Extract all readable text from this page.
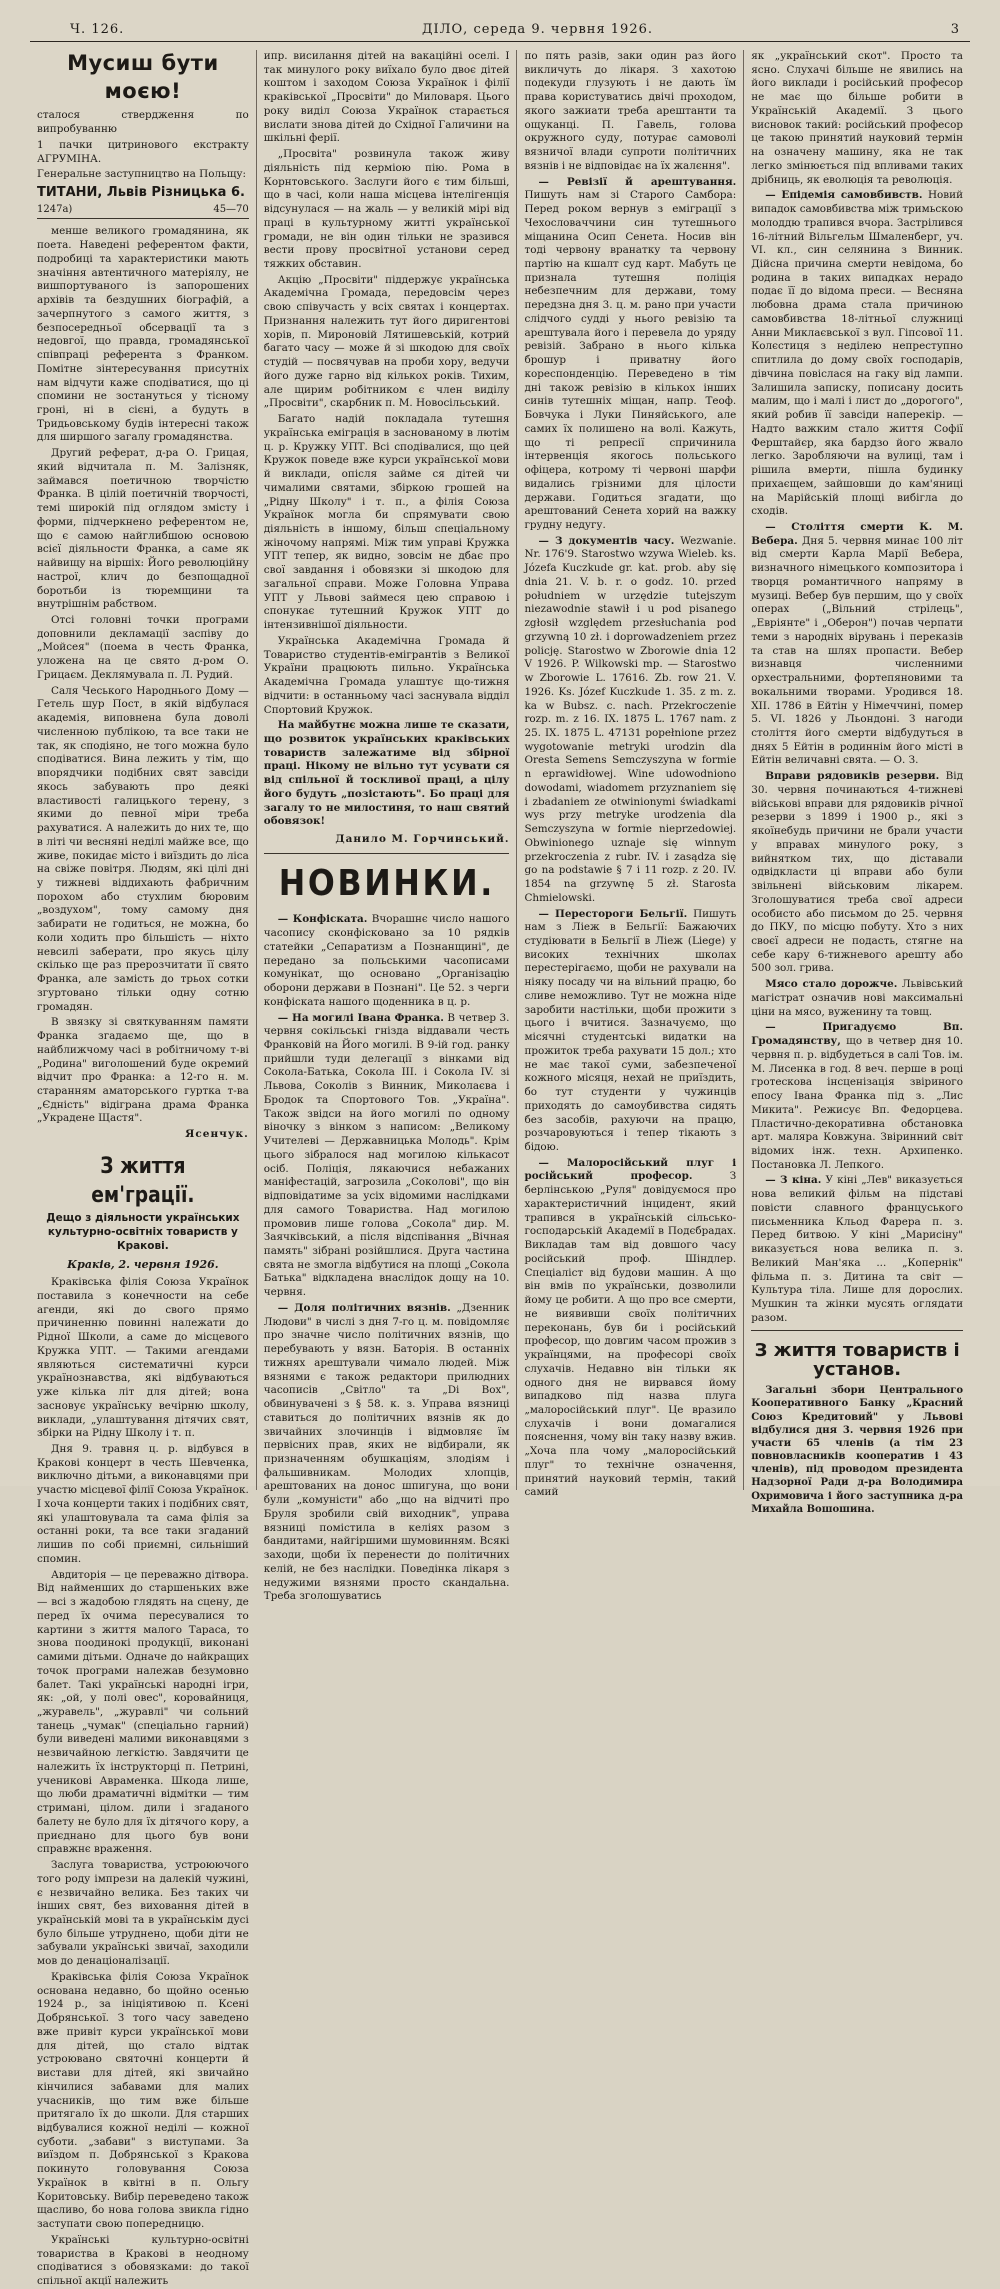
Ч. 126.	ДІЛО, середа 9. червня 1926.	3
Мусиш бути моєю!

сталося ствердження по випробуванню

1 пачки цитринового екстракту АГРУМІНА.

Генеральне заступництво на Польщу:

ТИТАНИ, Львів Різницька 6.
1247а)	45—70

менше великого громадянина, як поета. Наведені референтом факти, подробиці та характеристики мають значіння автентичного матеріялу, не вишпортуваного із запорошених архівів та бездушних біографій, а зачерпнутого з самого життя, з безпосередньої обсервації та з недовгої, що правда, громадянської співпраці референта з Франком. Помітне зінтересування присутніх нам відчути каже сподіватися, що ці спомини не зостануться у тісному гроні, ні в сієні, а будуть в Тридьовському будів інтересні також для ширшого загалу громадянства.

Другий реферат, д-ра О. Грицая, який відчитала п. М. Залізняк, займався поетичною творчістю Франка. В цілій поетичній творчості, темі широкій під оглядом змісту і форми, підчеркнено референтом не, що є самою найглибшою основою всієї діяльности Франка, а саме як найвищу на віршіх: Його революційну настрої, клич до безпощадної боротьби із тюремщини та внутрішнім рабством.

Отсі головні точки програми доповнили декламації заспіву до „Мойсея" (поема в честь Франка, уложена на це свято д-ром О. Грицаєм. Деклямувала п. Л. Рудий.

Саля Чеського Народнього Дому — Гетель шур Пост, в якій відбулася академія, виповнена була доволі численною публікою, та все таки не так, як сподіяно, не того можна було сподіватися. Вина лежить у тім, що впорядчики подібних свят завсіди якось забувають про деякі властивості галицького терену, з якими до певної міри треба рахуватися. А належить до них те, що в літі чи весняні неділі майже все, що живе, покидає місто і виїздить до ліса на свіже повітря. Людям, які цілі дні у тижневі віддихають фабричним порохом або стухлим бюровим „воздухом", тому самому дня забирати не годиться, не можна, бо коли ходить про більшість — ніхто невсилі заберати, про якусь цілу скілько ще раз прерозчитати її свято Франка, але замість до трьох сотки згуртовано тільки одну сотню громадян.

В звязку зі святкуванням памяти Франка згадаємо ще, що в найближчому часі в робітничому т-ві „Родина" виголошений буде окремий відчит про Франка: а 12-го н. м. старанням аматорського гуртка т-ва „Єдність" відіграна драма Франка „Украдене Щастя".

Ясенчук.
З життя ем'грації.
Дещо з діяльности українських культурно-освітніх товариств у Кракові.
Краків, 2. червня 1926.

Краківська філія Союза Українок поставила з конечности на себе агенди, які до свого прямо причиненню повинні належати до Рідної Школи, а саме до місцевого Кружка УПТ. — Такими агендами являються систематичні курси українознавства, які відбуваються уже кілька літ для дітей; вона засновує українську вечірню школу, виклади, „улаштування дітячих свят, збірки на Рідну Школу і т. п.

Дня 9. травня ц. р. відбувся в Кракові концерт в честь Шевченка, виключно дітьми, а виконавцями при участю місцевої філії Союза Українок. І хоча концерти таких і подібних свят, які улаштовувала та сама філія за останні роки, та все таки згаданий лишив по собі приємні, сильніший спомин.

Авдиторія — це переважно дітвора. Від найменших до старшеньких вже — всі з жадобою глядять на сцену, де перед їх очима пересувалися то картини з життя малого Тараса, то знова поодинокі продукції, виконані самими дітьми. Одначе до найкращих точок програми належав безумовно балет. Такі українські народні ігри, як: „ой, у полі овес", коровайниця, „журавель", „журавлі" чи сольний танець „чумак" (спеціально гарний) були виведені малими виконавцями з незвичайною легкістю. Завдячити це належить їх інструкторці п. Петрині, ученикові Авраменка. Шкода лише, що люби драматичні відмітки — тим стримані, цілом. дили і згаданого балету не було для їх дітячого кору, а приєднано для цього був вони справжнє враження.

Заслуга товариства, устроюючого того роду імпрези на далекій чужині, є незвичайно велика. Без таких чи інших свят, без виховання дітей в українській мові та в українськім дусі було більше утруднено, щоби діти не забували українські звичаї, заходили мов до денаціоналізації.

Краківська філія Союза Українок основана недавно, бо щойно осенью 1924 р., за ініціятивою п. Ксені Добрянської. З того часу заведено вже привіт курси української мови для дітей, що стало відтак устроювано святочні концерти й вистави для дітей, які звичайно кінчилися забавами для малих учасників, що тим вже більше притягало їх до школи. Для старших відбувалися кожної неділі — кожної суботи. „забави" з виступами. За виїздом п. Добрянської з Кракова покинуто головування Союза Українок в квітні в п. Ольгу Коритовську. Вибір переведено також щасливо, бо нова голова звикла гідно заступати свою попередницю.

Українські культурно-освітні товариства в Кракові в неодному сподіватися з обовязками: до такої спільної акції належить

ипр. висилання дітей на вакаційні оселі. І так минулого року виїхало було двоє дітей коштом і заходом Союза Українок і філії краківської „Просвіти" до Миловаря. Цього року виділ Союза Українок старається вислати знова дітей до Східної Галичини на шкільні ферії.

„Просвіта" розвинула також живу діяльність під керміою пію. Рома в Корнтовського. Заслуги його є тим більші, що в часі, коли наша місцева інтелігенція відсунулася — на жаль — у великій мірі від праці в культурному житті української громади, не він один тільки не зразився вести прову просвітної установи серед тяжких обставин.

Акцію „Просвіти" піддержує українська Академічна Громада, передовсім через свою співучасть у всіх святах і концертах. Признання належить тут його диригентові хорів, п. Мироновій Лятишевській, котрий багато часу — може й зі шкодою для своїх студій — посвячував на проби хору, ведучи його дуже гарно від кількох років. Тихим, але щирим робітником є член виділу „Просвіти", скарбник п. М. Новосільський.

Багато надій покладала тутешня українська еміграція в заснованому в лютім ц. р. Кружку УПТ. Всі сподівалися, що цей Кружок поведе вже курси української мови й виклади, опісля займе ся дітей чи чималими святами, збіркою грошей на „Рідну Школу" і т. п., а філія Союза Українок могла би спрямувати свою діяльність в іншому, більш спеціальному жіночому напрямі. Між тим управі Кружка УПТ тепер, як видно, зовсім не дбає про свої завдання і обовязки зі шкодою для загальної справи. Може Головна Управа УПТ у Львові займеся цею справою і спонукає тутешний Кружок УПТ до інтензивнішої діяльности.

Українська Академічна Громада й Товариство студентів-емігрантів з Великої України працюють пильно. Українська Академічна Громада улаштує що-тижня відчити: в останньому часі заснувала відділ Спортовий Кружок.

На майбутнє можна лише те сказати, що розвиток українських краківських товариств залежатиме від збірної праці. Нікому не вільно тут усувати ся від спільної й тоскливої праці, а цілу його будуть „позістають". Бо праці для загалу то не милостиня, то наш святий обовязок!

Данило М. Горчинський.
НОВИНКИ.

— Конфіската. Вчорашнє число нашого часопису сконфісковано за 10 рядків статейки „Сепаратизм а Познанщині", де передано за польськими часописами комунікат, що основано „Організацію оборони держави в Познані". Це 52. з черги конфіската нашого щоденника в ц. р.

— На могилі Івана Франка. В четвер 3. червня сокільські гнізда віддавали честь Франковій на Його могилі. В 9-ій год. ранку прийшли туди делегації з вінками від Сокола-Батька, Сокола ІІІ. і Сокола ІV. зі Львова, Соколів з Винник, Миколаєва і Бродок та Спортового Тов. „Україна". Також звідси на його могилі по одному віночку з вінком з написом: „Великому Учителеві — Державницька Молодь". Крім цього зібралося над могилою кількасот осіб. Поліція, лякаючися небажаних маніфестацій, загрозила „Соколові", що він відповідатиме за усіх відомими наслідками для самого Товариства. Над могилою промовив лише голова „Сокола" дир. М. Заячківський, а після відспівання „Вічная память" зібрані розійшлися. Друга частина свята не змогла відбутися на площі „Сокола Батька" відкладена внаслідок дощу на 10. червня.

— Доля політичних вязнів. „Дзенник Людови" в числі з дня 7-го ц. м. повідомляє про значне число політичних вязнів, що перебувають у вязн. Баторія. В останніх тижнях арештували чимало людей. Між вязнями є також редактори прилюдних часописів „Світло" та „Dі Вох", обвинувачені з § 58. к. з. Управа вязниці ставиться до політичних вязнів як до звичайних злочинців і відмовляє їм первісних прав, яких не відбирали, як призначенням обушкаціям, злодіям і фальшивникам. Молодих хлопців, арештованих на донос шпигуна, що вони були „комуністи" або „що на відчиті про Бруля зробили свій виходник", управа вязниці помістила в келіях разом з бандитами, найгіршими шумовинням. Всякі заходи, щоби їх перенести до політичних келій, не без наслідки. Поведінка лікаря з недужими вязнями просто скандальна. Треба зголошуватись

по пять разів, заки один раз його викличуть до лікаря. З хахотою подекуди глузують і не дають їм права користуватись двічі проходом, якого зажиати треба арештанти та ощуканці. П. Гавель, голова окружного суду, потурає самоволі вязничої влади супроти політичних вязнів і не відповідає на їх жалєння".

— Ревізії й арештування. Пишуть нам зі Старого Самбора: Перед роком вернув з еміграції з Чехословаччини син тутешнього міщанина Осип Сенета. Носив він тоді червону вранатку та червону партію на кшалт суд карт. Мабуть це признала тутешня поліція небезпечним для держави, тому передзна дня 3. ц. м. рано при участи слідчого судді у нього ревізію та арештувала його і перевела до уряду ревізій. Забрано в нього кілька брошур і приватну його кореспонденцію. Переведено в тім дні також ревізію в кількох інших синів тутешніх міщан, напр. Теоф. Бовчука і Луки Пиняйського, але самих їх полишено на волі. Кажуть, що ті репресії спричинила інтервенція якогось польського офіцера, котрому ті червоні шарфи видались грізними для цілости держави. Годиться згадати, що арештований Сенета хорий на важку грудну недугу.

— З документів часу. Wezwanie. Nr. 176'9. Starostwo wzywa Wieleb. ks. Józefa Kuczkude gr. kat. prob. aby się dnia 21. V. b. r. o godz. 10. przed południem w urzędzie tutejszym niezawodnie stawił i u pod pisanego zgłosił względem przesłuchania pod grzywną 10 zł. i doprowadzeniem przez policję. Starostwo w Zborowie dnia 12 V 1926. P. Wilkowski mp. — Starostwo w Zborowie L. 17616. Zb. row 21. V. 1926. Ks. Józef Kuczkude 1. 35. z m. z. ka w Bubsz. c. nach. Przekroczenie rozp. m. z 16. IX. 1875 L. 1767 nam. z 25. IX. 1875 L. 47131 popełnione przez wygotowanie metryki urodzin dla Oresta Semens Semczyszyna w formie n eprawidłowej. Wine udowodniono dowodami, wiadomem przyznaniem się i zbadaniem ze otwinionymi świadkami wys przy metryke urodzenia dla Semczyszyna w formie nieprzedowiej. Obwinionego uznaje się winnym przekroczenia z rubr. IV. i zasądza się go na podstawie § 7 i 11 rozp. z 20. IV. 1854 na grzywnę 5 zł. Starosta Chmielowski.

— Перестороги Бельгії. Пишуть нам з Ліеж в Бельгії: Бажаючих студіювати в Бельгії в Ліеж (Liege) у високих технічних школах перестерігаємо, щоби не рахували на ніяку посаду чи на вільний працю, бо сливе неможливо. Тут не можна ніде заробити настільки, щоби прожити з цього і вчитися. Зазначуємо, що місячні студентські видатки на прожиток треба рахувати 15 дол.; хто не має такої суми, забезпеченої кожного місяця, нехай не приїздить, бо тут студенти у чужинців приходять до самоубивства сидять без засобів, рахуючи на працю, розчаровуються і тепер тікають з бідою.

— Малоросійський плуг і російський професор.	З берлінською „Руля" довідуємося про характеристичний інцидент, який трапився в українській сільсько-господарській Академії в Подєбрадах. Викладав там від довшого часу російський проф. Шіндлер. Спеціаліст від будови машин. А що він вмів по українськи, дозволили йому це робити. А що про все смерти, не виявивши своїх політичних переконань, був би і російський професор, що довгим часом прожив з українцями, на професорі своїх слухачів. Недавно він тільки як одного дня не вирвався йому випадково під назва плуга „малоросійський плуг". Це вразило слухачів і вони домагалися пояснення, чому він таку назву вжив. „Хоча пла чому „малоросійський плуг" то технічне означення, принятий науковий термін, такий самий

як „український скот". Просто та ясно. Слухачі більше не явились на його виклади і російський професор не має що більше робити в Українській Академії. З цього висновок такий: російський професор це такою принятий науковий термін на означену машину, яка не так легко змінюється під впливами таких дрібниць, як еволюція та революція.

— Епідемія самовбивств. Новий випадок самовбивства між тримьскою молоддю трапився вчора. Застрілився 16-літний Вільгельм Шмаленберг, уч. VI. кл., син селянина з Винник. Дійсна причина смерти невідома, бо родина в таких випадках нерадо подає її до відома преси. — Весняна любовна драма стала причиною самовбивства 18-літньої служниці Анни Миклаєвської з вул. Гіпсової 11. Колєстиця з неділею непреступно спитлила до дому своїх господарів, дівчина повіслася на гаку від лампи. Залишила записку, пописану досить малим, що і малі і лист до „дорогого", який робив її завсіди наперекір. — Надто важким стало життя Софії Ферштайєр, яка бардзо його жвало легко. Заробляючи на вулиці, там і рішила вмерти, пішла будинку прихаєщем, зайшовши до кам'яниці на Марійській площі вибігла до сходів.

— Століття смерти К. М. Вебера. Дня 5. червня минає 100 літ від смерти Карла Марії Вебера, визначного німецького композитора і творця романтичного напряму в музиці. Вебер був першим, що у своїх операх („Вільний стрілець", „Евріянте" і „Оберон") почав черпати теми з народніх вірувань і переказів та став на шлях пропасти. Вебер визнавця численними орхестральними, фортепяновими та вокальними творами. Уродився 18. ХІІ. 1786 в Ейтін у Німеччині, помер 5. VІ. 1826 у Льондоні. З нагоди століття його смерти відбудуться в днях 5 Ейтін в родиннім його місті в Ейтін величавні свята. — О. З.

Вправи рядовиків резерви. Від 30. червня починаються 4-тижневі військові вправи для рядовиків річної резерви з 1899 і 1900 р., які з якоїнебудь причини не брали участи у вправах минулого року, з вийнятком тих, що діставали одвідкласти ці вправи або були звільнені військовим лікарем. Зголошуватися треба свої адреси особисто або письмом до 25. червня до ПКУ, по місцю побуту. Хто з них своєї адреси не подасть, стягне на себе кару 6-тижневого арешту або 500 зол. грива.

Мясо стало дорожче. Львівський магістрат означив нові максимальні ціни на мясо, вуженину та товщ.

— Пригадуємо Вп. Громадянству, що в четвер дня 10. червня п. р. відбудеться в салі Тов. ім. М. Лисенка в год. 8 веч. перше в році гротескова інсценізація звіриного епосу Івана Франка під з. „Лис Микита". Режисує Вп. Федорцева. Пластично-декоративна обстановка арт. маляра Ковжуна. Звіринний світ відомих інж. техн. Архипенко. Постановка Л. Лепкого.

— З кіна. У кіні „Лев" виказується нова великий фільм на підставі повісти славного француського письменника Кльод Фарера п. з. Перед битвою. У кіні „Марисіну" виказується нова велика п. з. Великий Ман'яка ... „Копернік" фільма п. з. Дитина та світ — Культура тіла. Лише для дорослих. Мушкин та жінки мусять оглядати разом.

З життя товариств і установ.

Загальні збори Центрального Кооперативного Банку „Красний Союз Кредитовий" у Львові відбулися дня 3. червня 1926 при участи 65 членів (а тім 23 повновласників кооператив і 43 членів), під проводом президента Надзорної Ради д-ра Володимира Охримовича і його заступника д-ра Михайла Вошошина.
